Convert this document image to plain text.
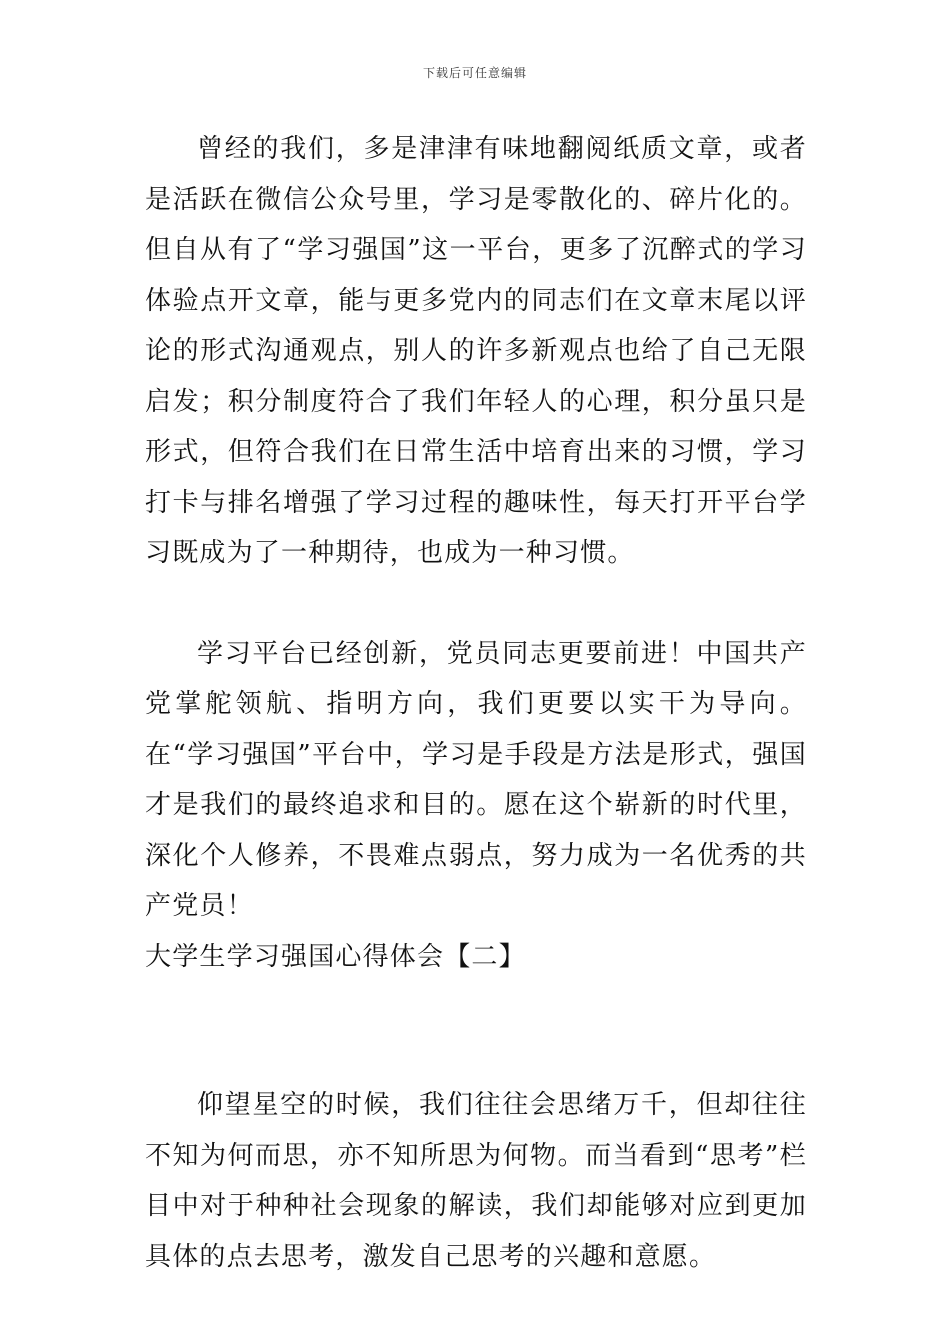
下载后可任意编辑

曾经的我们，多是津津有味地翻阅纸质文章，或者是活跃在微信公众号里，学习是零散化的、碎片化的。但自从有了“学习强国”这一平台，更多了沉醉式的学习体验点开文章，能与更多党内的同志们在文章末尾以评论的形式沟通观点，别人的许多新观点也给了自己无限启发；积分制度符合了我们年轻人的心理，积分虽只是形式，但符合我们在日常生活中培育出来的习惯，学习打卡与排名增强了学习过程的趣味性，每天打开平台学习既成为了一种期待，也成为一种习惯。

学习平台已经创新，党员同志更要前进！中国共产党掌舵领航、指明方向，我们更要以实干为导向。在“学习强国”平台中，学习是手段是方法是形式，强国才是我们的最终追求和目的。愿在这个崭新的时代里，深化个人修养，不畏难点弱点，努力成为一名优秀的共产党员！

大学生学习强国心得体会【二】

仰望星空的时候，我们往往会思绪万千，但却往往不知为何而思，亦不知所思为何物。而当看到“思考”栏目中对于种种社会现象的解读，我们却能够对应到更加具体的点去思考，激发自己思考的兴趣和意愿。
